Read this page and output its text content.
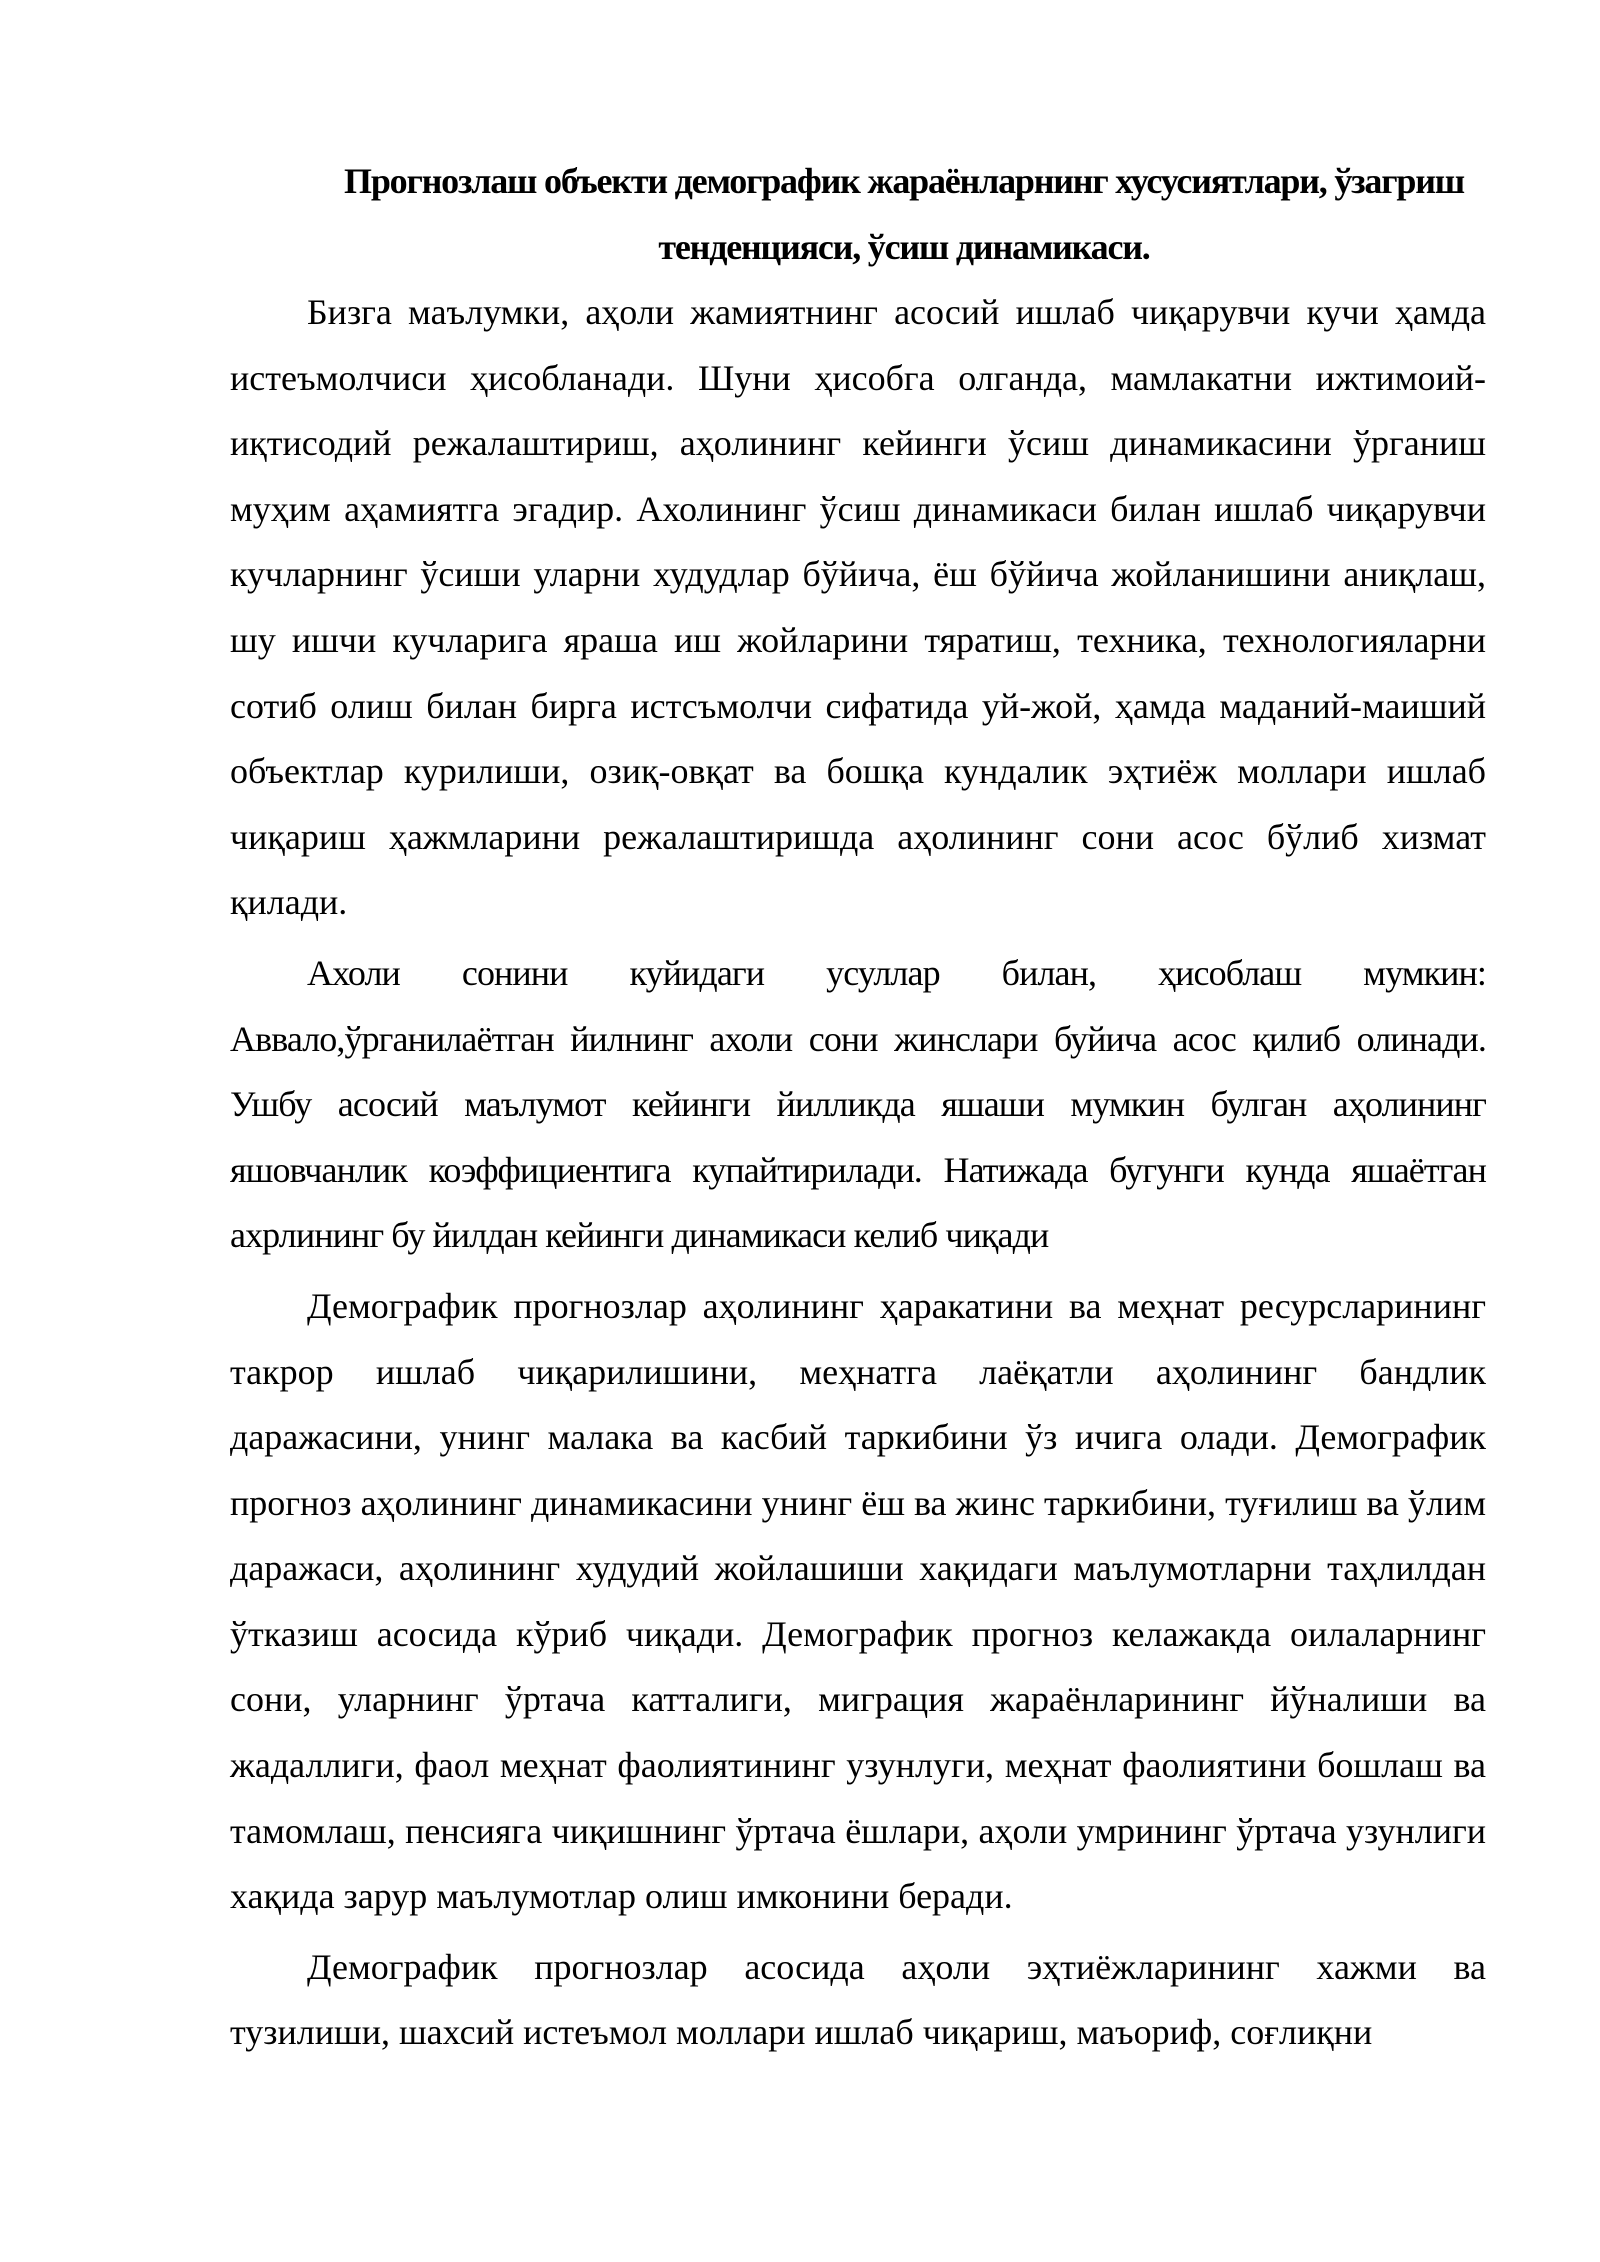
Прогнозлаш объекти демографик жараёнларнинг хусусиятлари, ўзагриш
тенденцияси, ўсиш динамикаси.

Бизга маълумки, аҳоли жамиятнинг асосий ишлаб чиқарувчи кучи ҳамда истеъмолчиси ҳисобланади. Шуни ҳисобга олганда, мамлакатни ижтимоий-иқтисодий режалаштириш, аҳолининг кейинги ўсиш динамикасини ўрганиш муҳим аҳамиятга эгадир. Ахолининг ўсиш динамикаси билан ишлаб чиқарувчи кучларнинг ўсиши уларни худудлар бўйича, ёш бўйича жойланишини аниқлаш, шу ишчи кучларига яраша иш жойларини тяратиш, техника, технологияларни сотиб олиш билан бирга истсъмолчи сифатида уй-жой, ҳамда маданий-маиший объектлар курилиши, озиқ-овқат ва бошқа кундалик эҳтиёж моллари ишлаб чиқариш ҳажмларини режалаштиришда аҳолининг сони асос бўлиб хизмат қилади.

Ахоли сонини куйидаги усуллар билан, ҳисоблаш мумкин: Аввало,ўрганилаётган йилнинг ахоли сони жинслари буйича асос қилиб олинади. Ушбу асосий маълумот кейинги йилликда яшаши мумкин булган аҳолининг яшовчанлик коэффициентига купайтирилади. Натижада бугунги кунда яшаётган ахрлининг бу йилдан кейинги динамикаси келиб чиқади

Демографик прогнозлар аҳолининг ҳаракатини ва меҳнат ресурсларининг такрор ишлаб чиқарилишини, меҳнатга лаёқатли аҳолининг бандлик даражасини, унинг малака ва касбий таркибини ўз ичига олади. Демографик прогноз аҳолининг динамикасини унинг ёш ва жинс таркибини, туғилиш ва ўлим даражаси, аҳолининг худудий жойлашиши хақидаги маълумотларни таҳлилдан ўтказиш асосида кўриб чиқади. Демографик прогноз келажакда оилаларнинг сони, уларнинг ўртача катталиги, миграция жараёнларининг йўналиши ва жадаллиги, фаол меҳнат фаолиятининг узунлуги, меҳнат фаолиятини бошлаш ва тамомлаш, пенсияга чиқишнинг ўртача ёшлари, аҳоли умрининг ўртача узунлиги хақида зарур маълумотлар олиш имконини беради.

Демографик прогнозлар асосида аҳоли эҳтиёжларининг хажми ва тузилиши, шахсий истеъмол моллари ишлаб чиқариш, маъориф, соғлиқни
